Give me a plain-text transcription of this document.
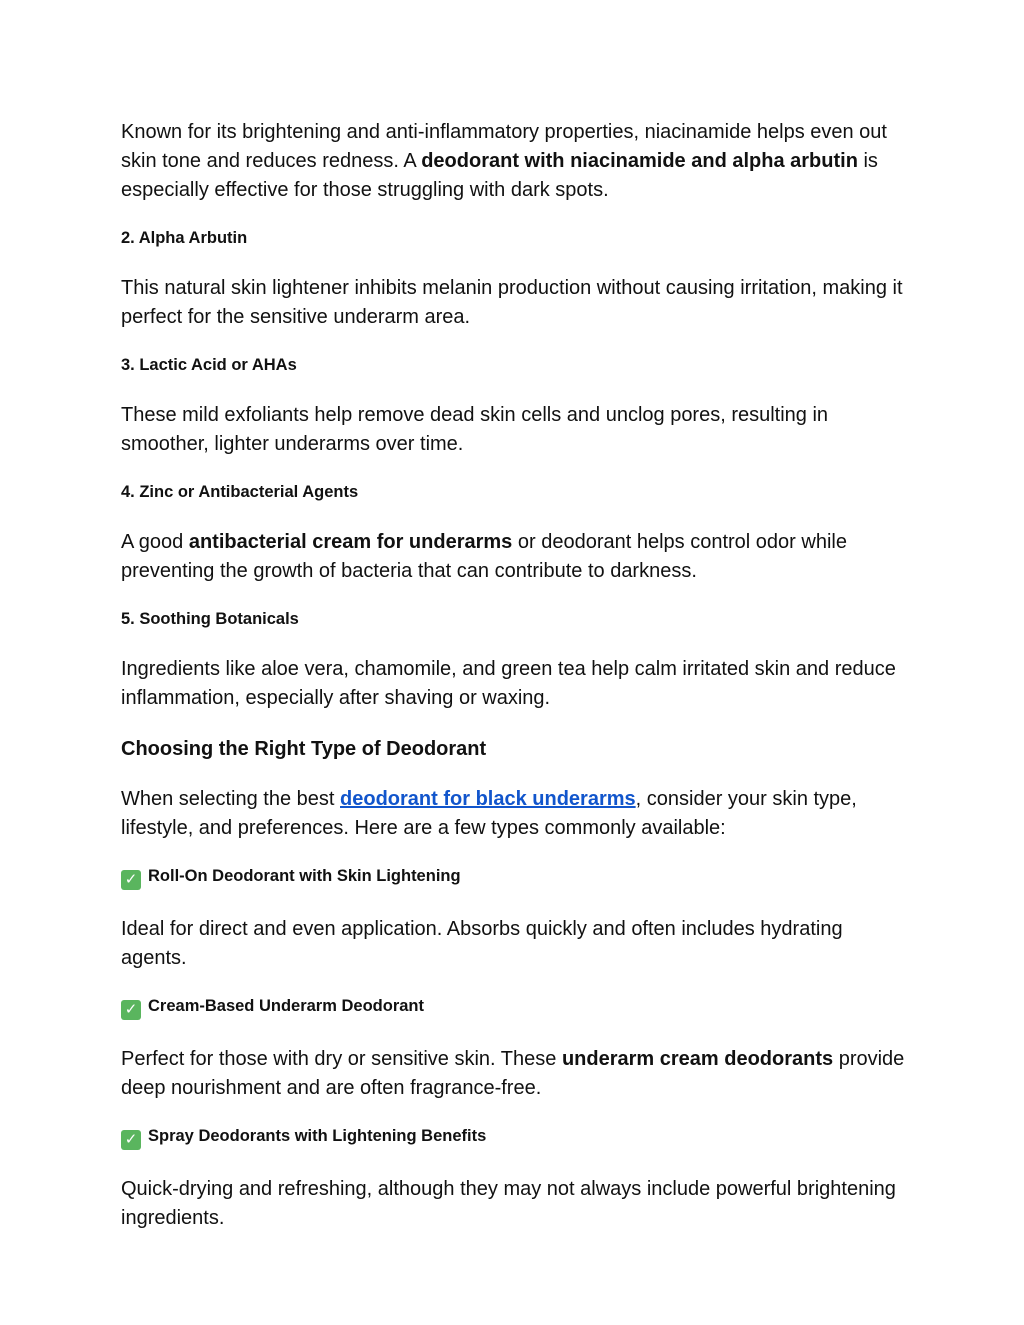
Known for its brightening and anti-inflammatory properties, niacinamide helps even out skin tone and reduces redness. A deodorant with niacinamide and alpha arbutin is especially effective for those struggling with dark spots.

2. Alpha Arbutin

This natural skin lightener inhibits melanin production without causing irritation, making it perfect for the sensitive underarm area.

3. Lactic Acid or AHAs

These mild exfoliants help remove dead skin cells and unclog pores, resulting in smoother, lighter underarms over time.

4. Zinc or Antibacterial Agents

A good antibacterial cream for underarms or deodorant helps control odor while preventing the growth of bacteria that can contribute to darkness.

5. Soothing Botanicals

Ingredients like aloe vera, chamomile, and green tea help calm irritated skin and reduce inflammation, especially after shaving or waxing.

Choosing the Right Type of Deodorant

When selecting the best deodorant for black underarms, consider your skin type, lifestyle, and preferences. Here are a few types commonly available:

✓ Roll-On Deodorant with Skin Lightening

Ideal for direct and even application. Absorbs quickly and often includes hydrating agents.

✓ Cream-Based Underarm Deodorant

Perfect for those with dry or sensitive skin. These underarm cream deodorants provide deep nourishment and are often fragrance-free.

✓ Spray Deodorants with Lightening Benefits

Quick-drying and refreshing, although they may not always include powerful brightening ingredients.
